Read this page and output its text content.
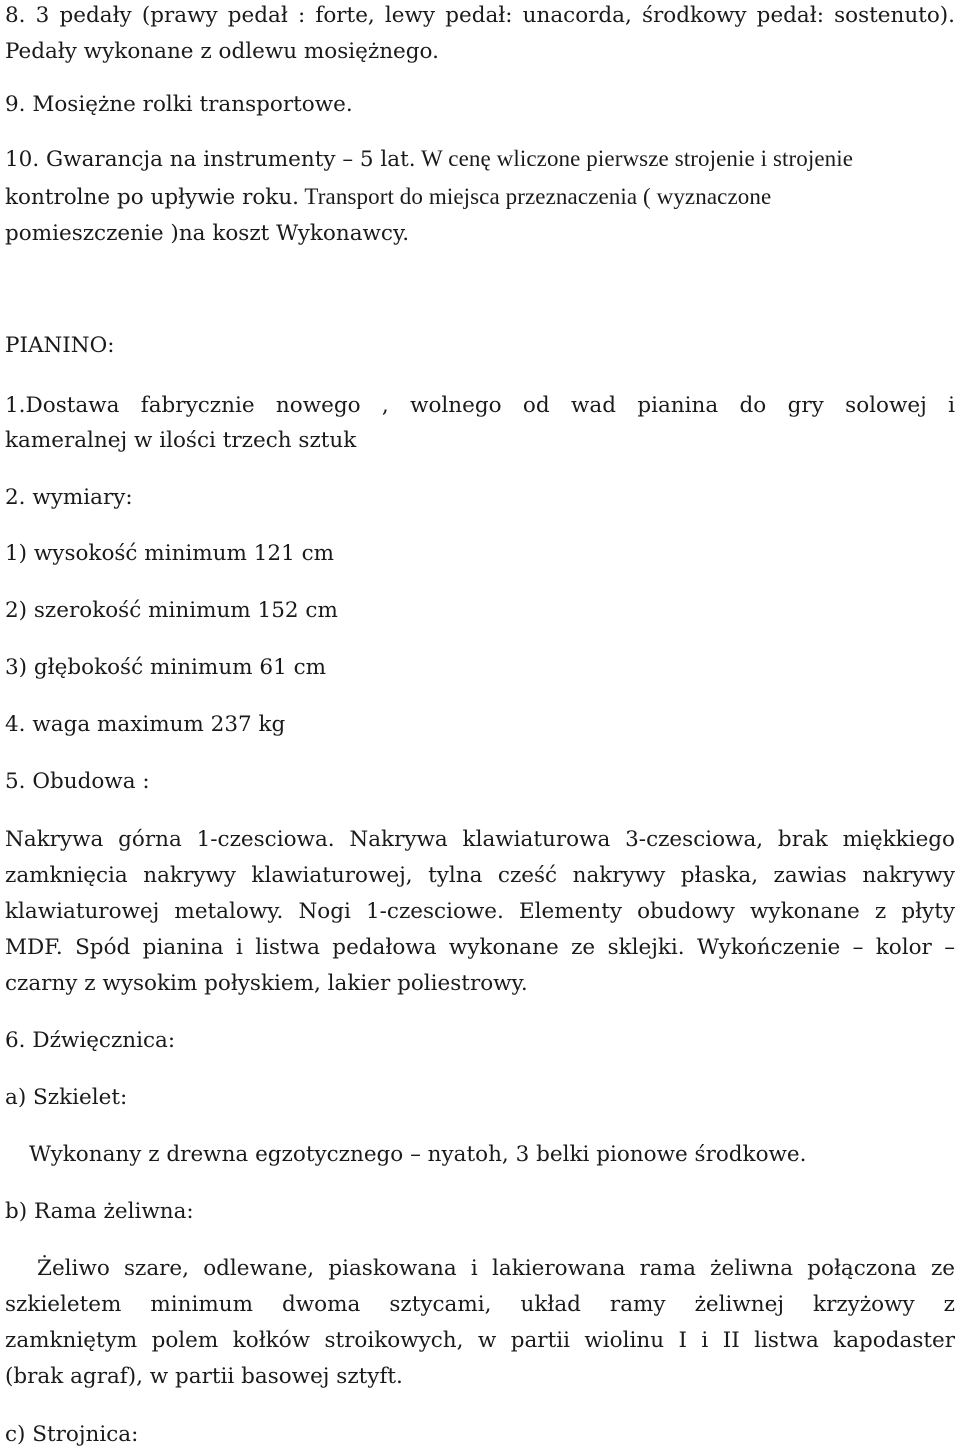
8. 3 pedały (prawy pedał : forte, lewy pedał: unacorda, środkowy pedał: sostenuto).
Pedały wykonane z odlewu mosiężnego.
9. Mosiężne rolki transportowe.
10. Gwarancja na instrumenty – 5 lat. W cenę wliczone pierwsze strojenie i strojenie
kontrolne po upływie roku. Transport do miejsca przeznaczenia ( wyznaczone
pomieszczenie )na koszt Wykonawcy.
PIANINO:
1.Dostawa fabrycznie nowego , wolnego od wad pianina do gry solowej i
kameralnej w ilości trzech sztuk
2. wymiary:
1) wysokość minimum 121 cm
2) szerokość minimum 152 cm
3) głębokość minimum 61 cm
4. waga maximum 237 kg
5. Obudowa :
Nakrywa górna 1-czesciowa. Nakrywa klawiaturowa 3-czesciowa, brak miękkiego
zamknięcia nakrywy klawiaturowej, tylna cześć nakrywy płaska, zawias nakrywy
klawiaturowej metalowy. Nogi 1-czesciowe. Elementy obudowy wykonane z płyty
MDF. Spód pianina i listwa pedałowa wykonane ze sklejki. Wykończenie – kolor –
czarny z wysokim połyskiem, lakier poliestrowy.
6. Dźwięcznica:
a) Szkielet:
Wykonany z drewna egzotycznego – nyatoh, 3 belki pionowe środkowe.
b) Rama żeliwna:
Żeliwo szare, odlewane, piaskowana i lakierowana rama żeliwna połączona ze
szkieletem minimum dwoma sztycami, układ ramy żeliwnej krzyżowy z
zamkniętym polem kołków stroikowych, w partii wiolinu I i II listwa kapodaster
(brak agraf), w partii basowej sztyft.
c) Strojnica:
